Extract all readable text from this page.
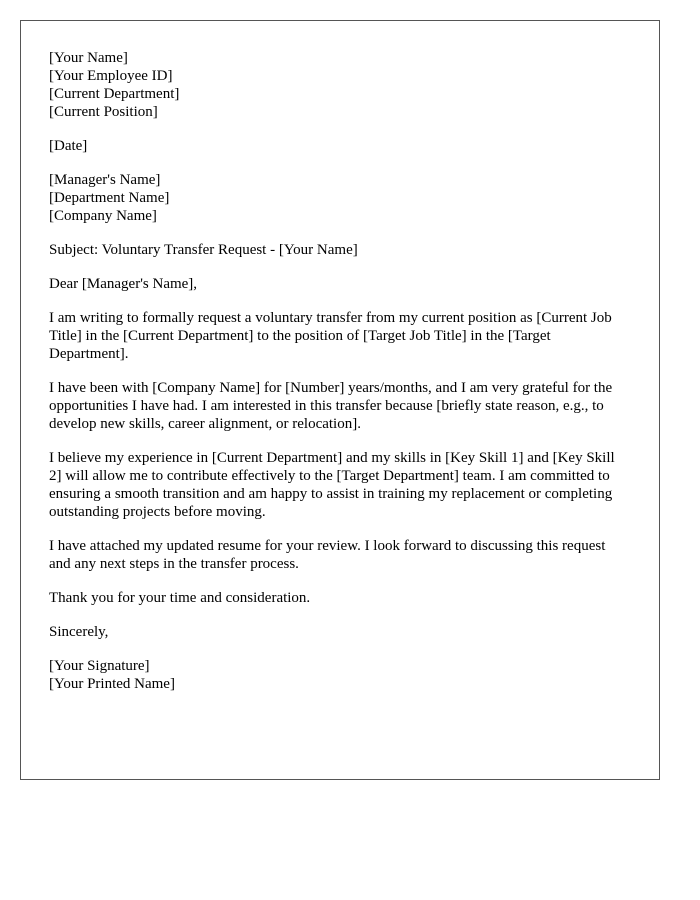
[Your Name]
[Your Employee ID]
[Current Department]
[Current Position]
[Date]
[Manager's Name]
[Department Name]
[Company Name]

Subject: Voluntary Transfer Request - [Your Name]

Dear [Manager's Name],

I am writing to formally request a voluntary transfer from my current position as [Current Job Title] in the [Current Department] to the position of [Target Job Title] in the [Target Department].

I have been with [Company Name] for [Number] years/months, and I am very grateful for the opportunities I have had. I am interested in this transfer because [briefly state reason, e.g., to develop new skills, career alignment, or relocation].

I believe my experience in [Current Department] and my skills in [Key Skill 1] and [Key Skill 2] will allow me to contribute effectively to the [Target Department] team. I am committed to ensuring a smooth transition and am happy to assist in training my replacement or completing outstanding projects before moving.

I have attached my updated resume for your review. I look forward to discussing this request and any next steps in the transfer process.

Thank you for your time and consideration.

Sincerely,

[Your Signature]
[Your Printed Name]
